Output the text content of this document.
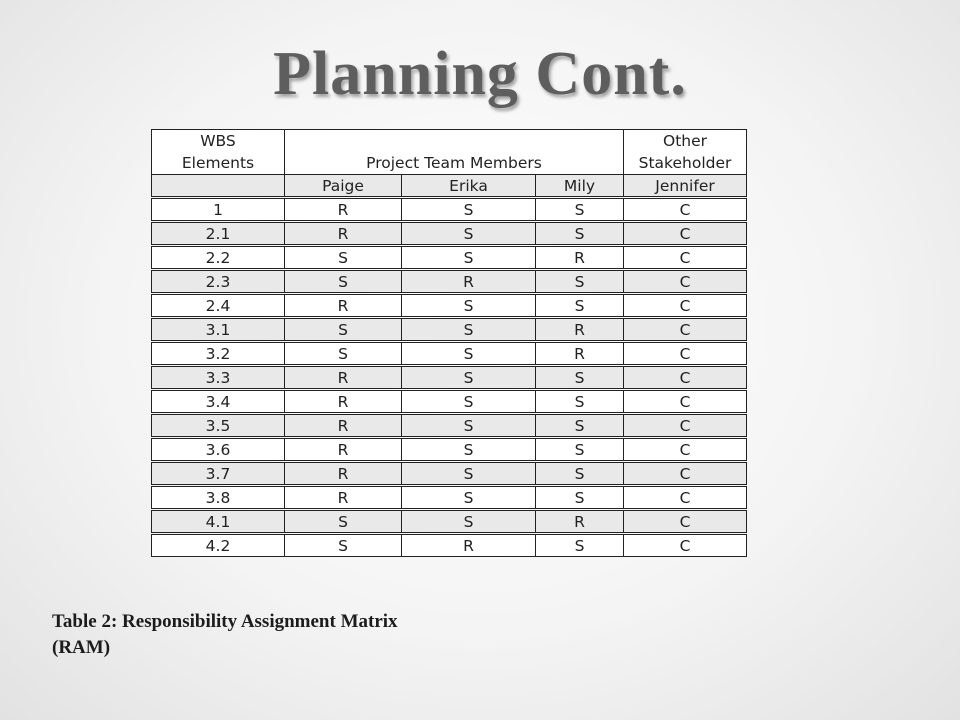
Planning Cont.
WBS				Other
Elements	Project Team Members			Stakeholder
	Paige	Erika	Mily	Jennifer

1	R	S	S	C

2.1	R	S	S	C

2.2	S	S	R	C

2.3	S	R	S	C

2.4	R	S	S	C

3.1	S	S	R	C

3.2	S	S	R	C

3.3	R	S	S	C

3.4	R	S	S	C

3.5	R	S	S	C

3.6	R	S	S	C

3.7	R	S	S	C

3.8	R	S	S	C

4.1	S	S	R	C

4.2	S	R	S	C
Table 2: Responsibility Assignment Matrix
(RAM)
